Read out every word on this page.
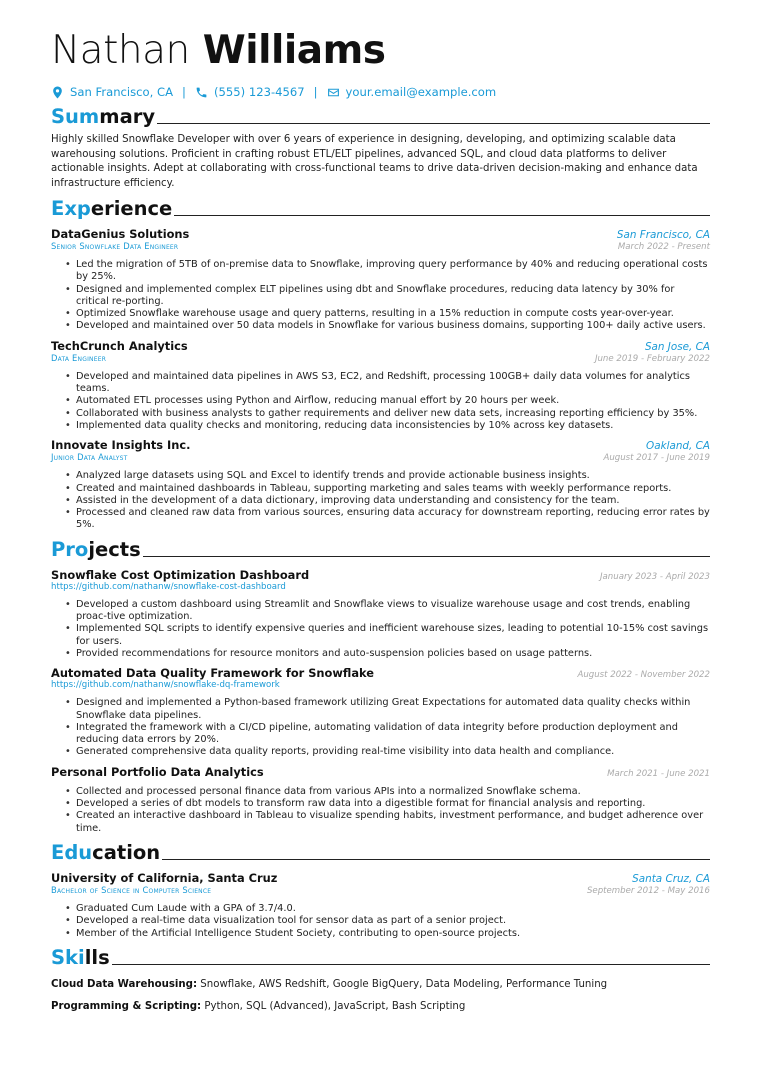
Nathan Williams
San Francisco, CA | (555) 123-4567 | your.email@example.com
Summary
Highly skilled Snowflake Developer with over 6 years of experience in designing, developing, and optimizing scalable data warehousing solutions. Proficient in crafting robust ETL/ELT pipelines, advanced SQL, and cloud data platforms to deliver actionable insights. Adept at collaborating with cross-functional teams to drive data-driven decision-making and enhance data infrastructure efficiency.
Experience
DataGenius Solutions	San Francisco, CA
Senior Snowflake Data Engineer	March 2022 - Present
• Led the migration of 5TB of on-premise data to Snowflake, improving query performance by 40% and reducing operational costs by 25%.
• Designed and implemented complex ELT pipelines using dbt and Snowflake procedures, reducing data latency by 30% for critical re-porting.
• Optimized Snowflake warehouse usage and query patterns, resulting in a 15% reduction in compute costs year-over-year.
• Developed and maintained over 50 data models in Snowflake for various business domains, supporting 100+ daily active users.
TechCrunch Analytics	San Jose, CA
Data Engineer	June 2019 - February 2022
• Developed and maintained data pipelines in AWS S3, EC2, and Redshift, processing 100GB+ daily data volumes for analytics teams.
• Automated ETL processes using Python and Airflow, reducing manual effort by 20 hours per week.
• Collaborated with business analysts to gather requirements and deliver new data sets, increasing reporting efficiency by 35%.
• Implemented data quality checks and monitoring, reducing data inconsistencies by 10% across key datasets.
Innovate Insights Inc.	Oakland, CA
Junior Data Analyst	August 2017 - June 2019
• Analyzed large datasets using SQL and Excel to identify trends and provide actionable business insights.
• Created and maintained dashboards in Tableau, supporting marketing and sales teams with weekly performance reports.
• Assisted in the development of a data dictionary, improving data understanding and consistency for the team.
• Processed and cleaned raw data from various sources, ensuring data accuracy for downstream reporting, reducing error rates by 5%.
Projects
Snowflake Cost Optimization Dashboard	January 2023 - April 2023
https://github.com/nathanw/snowflake-cost-dashboard
• Developed a custom dashboard using Streamlit and Snowflake views to visualize warehouse usage and cost trends, enabling proac-tive optimization.
• Implemented SQL scripts to identify expensive queries and inefficient warehouse sizes, leading to potential 10-15% cost savings for users.
• Provided recommendations for resource monitors and auto-suspension policies based on usage patterns.
Automated Data Quality Framework for Snowflake	August 2022 - November 2022
https://github.com/nathanw/snowflake-dq-framework
• Designed and implemented a Python-based framework utilizing Great Expectations for automated data quality checks within Snowflake data pipelines.
• Integrated the framework with a CI/CD pipeline, automating validation of data integrity before production deployment and reducing data errors by 20%.
• Generated comprehensive data quality reports, providing real-time visibility into data health and compliance.
Personal Portfolio Data Analytics	March 2021 - June 2021
• Collected and processed personal finance data from various APIs into a normalized Snowflake schema.
• Developed a series of dbt models to transform raw data into a digestible format for financial analysis and reporting.
• Created an interactive dashboard in Tableau to visualize spending habits, investment performance, and budget adherence over time.
Education
University of California, Santa Cruz	Santa Cruz, CA
Bachelor of Science in Computer Science	September 2012 - May 2016
• Graduated Cum Laude with a GPA of 3.7/4.0.
• Developed a real-time data visualization tool for sensor data as part of a senior project.
• Member of the Artificial Intelligence Student Society, contributing to open-source projects.
Skills
Cloud Data Warehousing: Snowflake, AWS Redshift, Google BigQuery, Data Modeling, Performance Tuning
Programming & Scripting: Python, SQL (Advanced), JavaScript, Bash Scripting
